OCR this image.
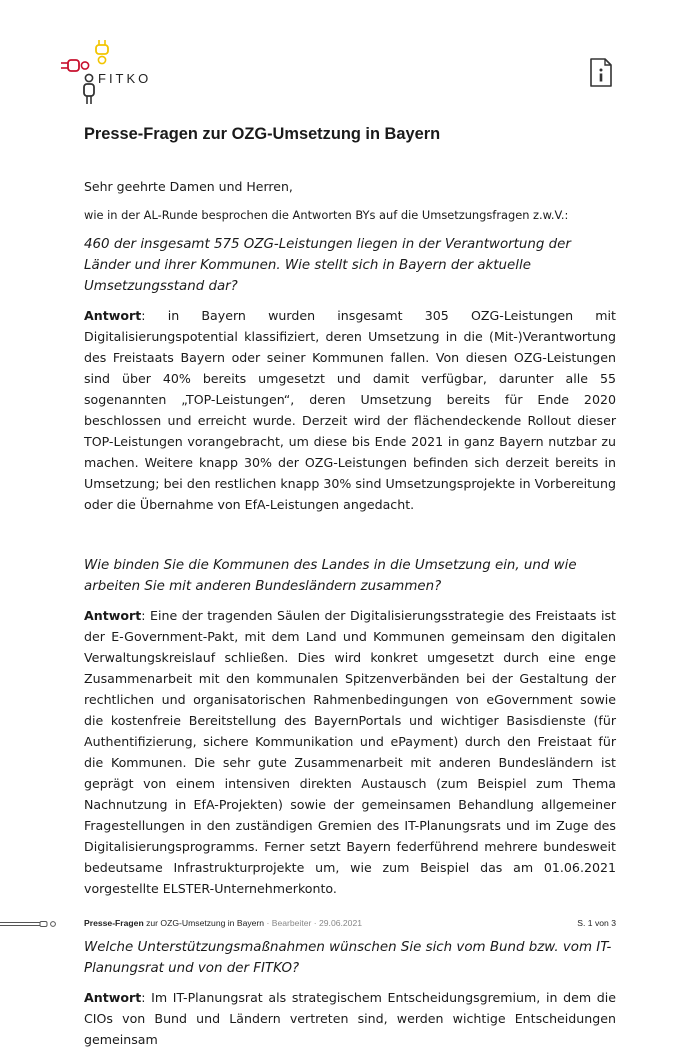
FITKO
Presse-Fragen zur OZG-Umsetzung in Bayern

Sehr geehrte Damen und Herren,

wie in der AL-Runde besprochen die Antworten BYs auf die Umsetzungsfragen z.w.V.:

460 der insgesamt 575 OZG-Leistungen liegen in der Verantwortung der Länder und ihrer Kommunen. Wie stellt sich in Bayern der aktuelle Umsetzungsstand dar?

Antwort: in Bayern wurden insgesamt 305 OZG-Leistungen mit Digitalisierungspotential klassifiziert, deren Umsetzung in die (Mit-)Verantwortung des Freistaats Bayern oder seiner Kommunen fallen. Von diesen OZG-Leistungen sind über 40% bereits umgesetzt und damit verfügbar, darunter alle 55 sogenannten „TOP-Leistungen“, deren Umsetzung bereits für Ende 2020 beschlossen und erreicht wurde. Derzeit wird der flächendeckende Rollout dieser TOP-Leistungen vorangebracht, um diese bis Ende 2021 in ganz Bayern nutzbar zu machen. Weitere knapp 30% der OZG-Leistungen befinden sich derzeit bereits in Umsetzung; bei den restlichen knapp 30% sind Umsetzungsprojekte in Vorbereitung oder die Übernahme von EfA-Leistungen angedacht.

Wie binden Sie die Kommunen des Landes in die Umsetzung ein, und wie arbeiten Sie mit anderen Bundesländern zusammen?

Antwort: Eine der tragenden Säulen der Digitalisierungsstrategie des Freistaats ist der E-Government-Pakt, mit dem Land und Kommunen gemeinsam den digitalen Verwaltungskreislauf schließen. Dies wird konkret umgesetzt durch eine enge Zusammenarbeit mit den kommunalen Spitzenverbänden bei der Gestaltung der rechtlichen und organisatorischen Rahmenbedingungen von eGovernment sowie die kostenfreie Bereitstellung des BayernPortals und wichtiger Basisdienste (für Authentifizierung, sichere Kommunikation und ePayment) durch den Freistaat für die Kommunen. Die sehr gute Zusammenarbeit mit anderen Bundesländern ist geprägt von einem intensiven direkten Austausch (zum Beispiel zum Thema Nachnutzung in EfA-Projekten) sowie der gemeinsamen Behandlung allgemeiner Fragestellungen in den zuständigen Gremien des IT-Planungsrats und im Zuge des Digitalisierungsprogramms. Ferner setzt Bayern federführend mehrere bundesweit bedeutsame Infrastrukturprojekte um, wie zum Beispiel das am 01.06.2021 vorgestellte ELSTER-Unternehmerkonto.

Welche Unterstützungsmaßnahmen wünschen Sie sich vom Bund bzw. vom IT-Planungsrat und von der FITKO?

Antwort: Im IT-Planungsrat als strategischem Entscheidungsgremium, in dem die CIOs von Bund und Ländern vertreten sind, werden wichtige Entscheidungen gemeinsam

Presse-Fragen zur OZG-Umsetzung in Bayern · Bearbeiter · 29.06.2021	S. 1 von 3
